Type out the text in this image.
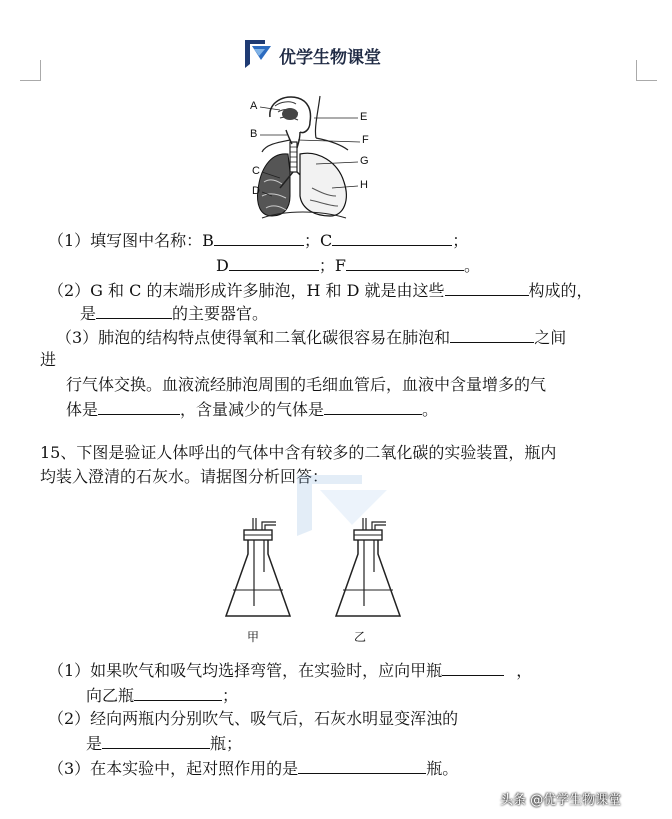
优学生物课堂
A
B
C
D
E
F
G
H
（1）填写图中名称：B	；C	；
D	；F	。
（2）G 和 C 的末端形成许多肺泡，H 和 D 就是由这些	构成的，
是	的主要器官。
（3）肺泡的结构特点使得氧和二氧化碳很容易在肺泡和	之间
进
行气体交换。血液流经肺泡周围的毛细血管后，血液中含量增多的气
体是	，含量减少的气体是	。
15、下图是验证人体呼出的气体中含有较多的二氧化碳的实验装置，瓶内
均装入澄清的石灰水。请据图分析回答：
甲	乙
（1）如果吹气和吸气均选择弯管，在实验时，应向甲瓶	，
向乙瓶	；
（2）经向两瓶内分别吹气、吸气后，石灰水明显变浑浊的
是	瓶；
（3）在本实验中，起对照作用的是	瓶。
头条 @优学生物课堂
